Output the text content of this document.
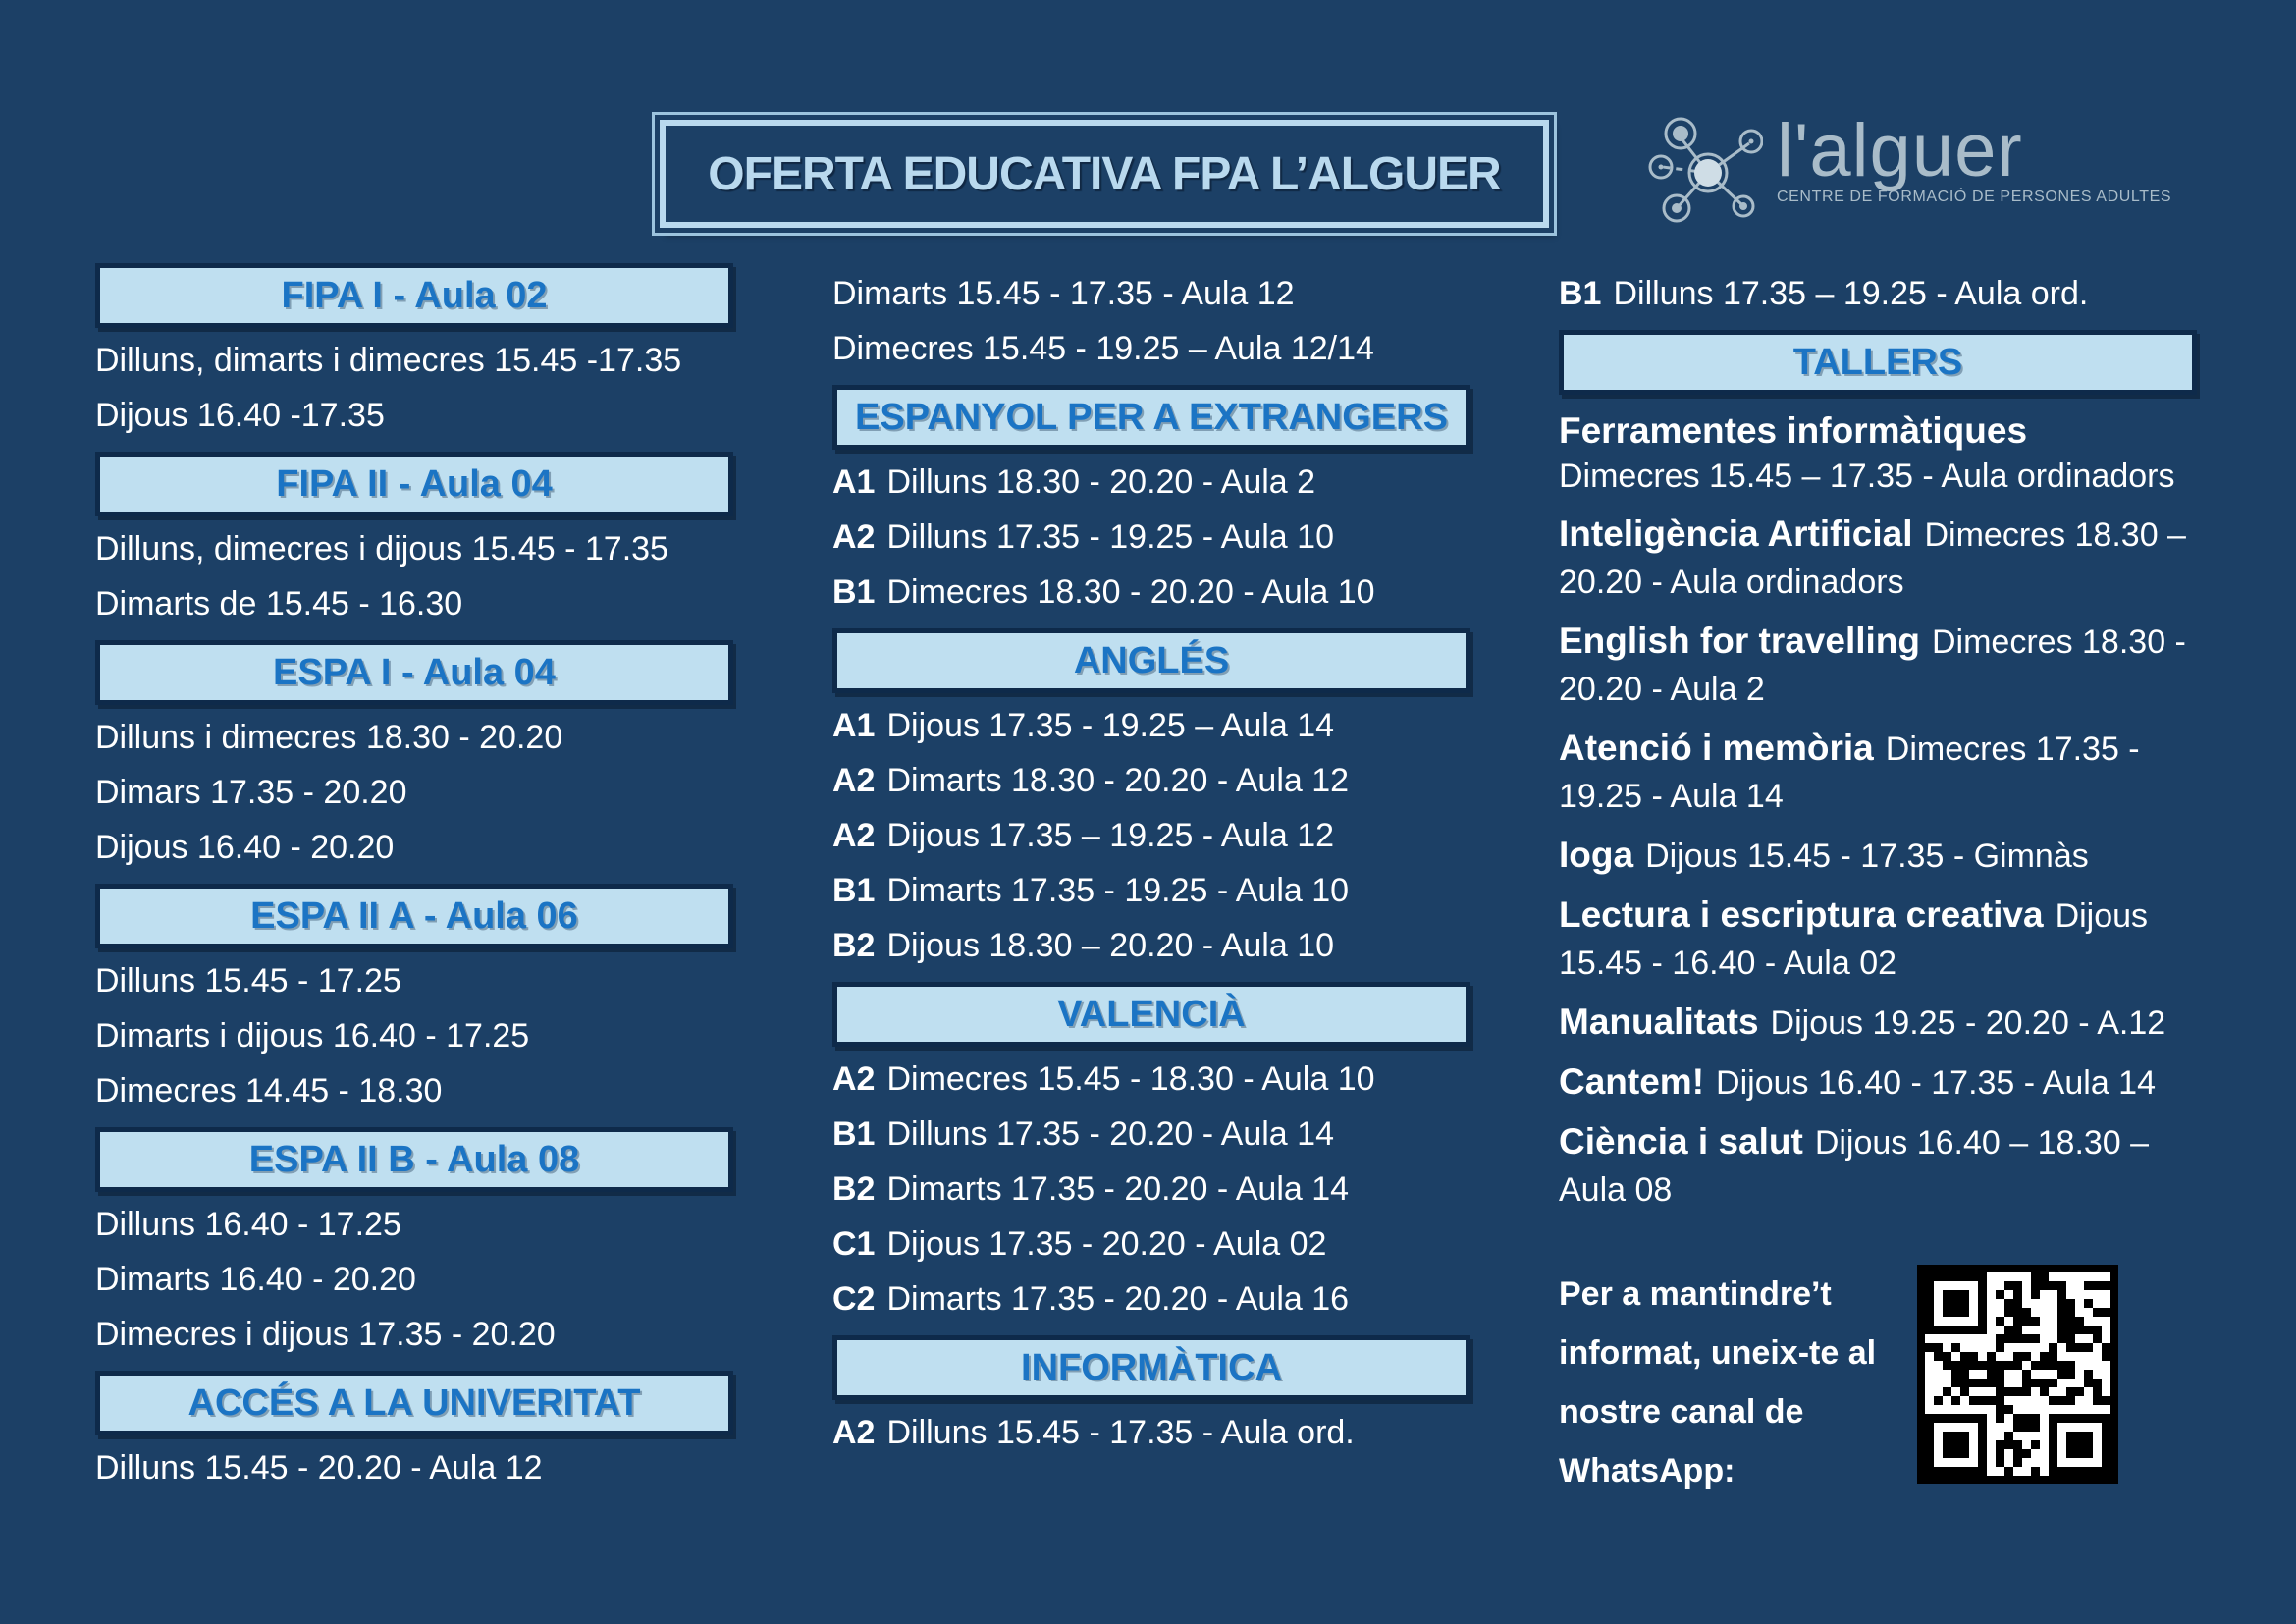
OFERTA EDUCATIVA FPA L’ALGUER	l'alguer
CENTRE DE FORMACIÓ DE PERSONES ADULTES
FIPA I - Aula 02
Dilluns, dimarts i dimecres 15.45 -17.35
Dijous 16.40 -17.35
FIPA II - Aula 04
Dilluns, dimecres i dijous 15.45 - 17.35
Dimarts de 15.45 - 16.30
ESPA I - Aula 04
Dilluns i dimecres 18.30 - 20.20
Dimars 17.35 - 20.20
Dijous 16.40 - 20.20
ESPA II A - Aula 06
Dilluns 15.45 - 17.25
Dimarts i dijous 16.40 - 17.25
Dimecres 14.45 - 18.30
ESPA II B - Aula 08
Dilluns 16.40 - 17.25
Dimarts 16.40 - 20.20
Dimecres i dijous 17.35 - 20.20
ACCÉS A LA UNIVERITAT
Dilluns 15.45 - 20.20 - Aula 12
Dimarts 15.45 - 17.35 - Aula 12
Dimecres 15.45 - 19.25 – Aula 12/14
ESPANYOL PER A EXTRANGERS
A1 Dilluns 18.30 - 20.20 - Aula 2
A2 Dilluns 17.35 - 19.25 - Aula 10
B1 Dimecres 18.30 - 20.20 - Aula 10
ANGLÉS
A1 Dijous 17.35 - 19.25 – Aula 14
A2 Dimarts 18.30 - 20.20 - Aula 12
A2 Dijous 17.35 – 19.25 - Aula 12
B1 Dimarts 17.35 - 19.25 - Aula 10
B2 Dijous 18.30 – 20.20 - Aula 10
VALENCIÀ
A2 Dimecres 15.45 - 18.30 - Aula 10
B1 Dilluns 17.35 - 20.20 - Aula 14
B2 Dimarts 17.35 - 20.20 - Aula 14
C1 Dijous 17.35 - 20.20 - Aula 02
C2 Dimarts 17.35 - 20.20 - Aula 16
INFORMÀTICA
A2 Dilluns 15.45 - 17.35 - Aula ord.
B1 Dilluns 17.35 – 19.25 - Aula ord.
TALLERS
Ferramentes informàtiques
Dimecres 15.45 – 17.35 - Aula ordinadors
Inteligència Artificial Dimecres 18.30 – 20.20 - Aula ordinadors
English for travelling Dimecres 18.30 - 20.20 - Aula 2
Atenció i memòria Dimecres 17.35 - 19.25 - Aula 14
Ioga Dijous 15.45 - 17.35 - Gimnàs
Lectura i escriptura creativa Dijous 15.45 - 16.40 - Aula 02
Manualitats Dijous 19.25 - 20.20 - A.12
Cantem! Dijous 16.40 - 17.35 - Aula 14
Ciència i salut Dijous 16.40 – 18.30 – Aula 08
Per a mantindre’t informat, uneix-te al nostre canal de WhatsApp:
